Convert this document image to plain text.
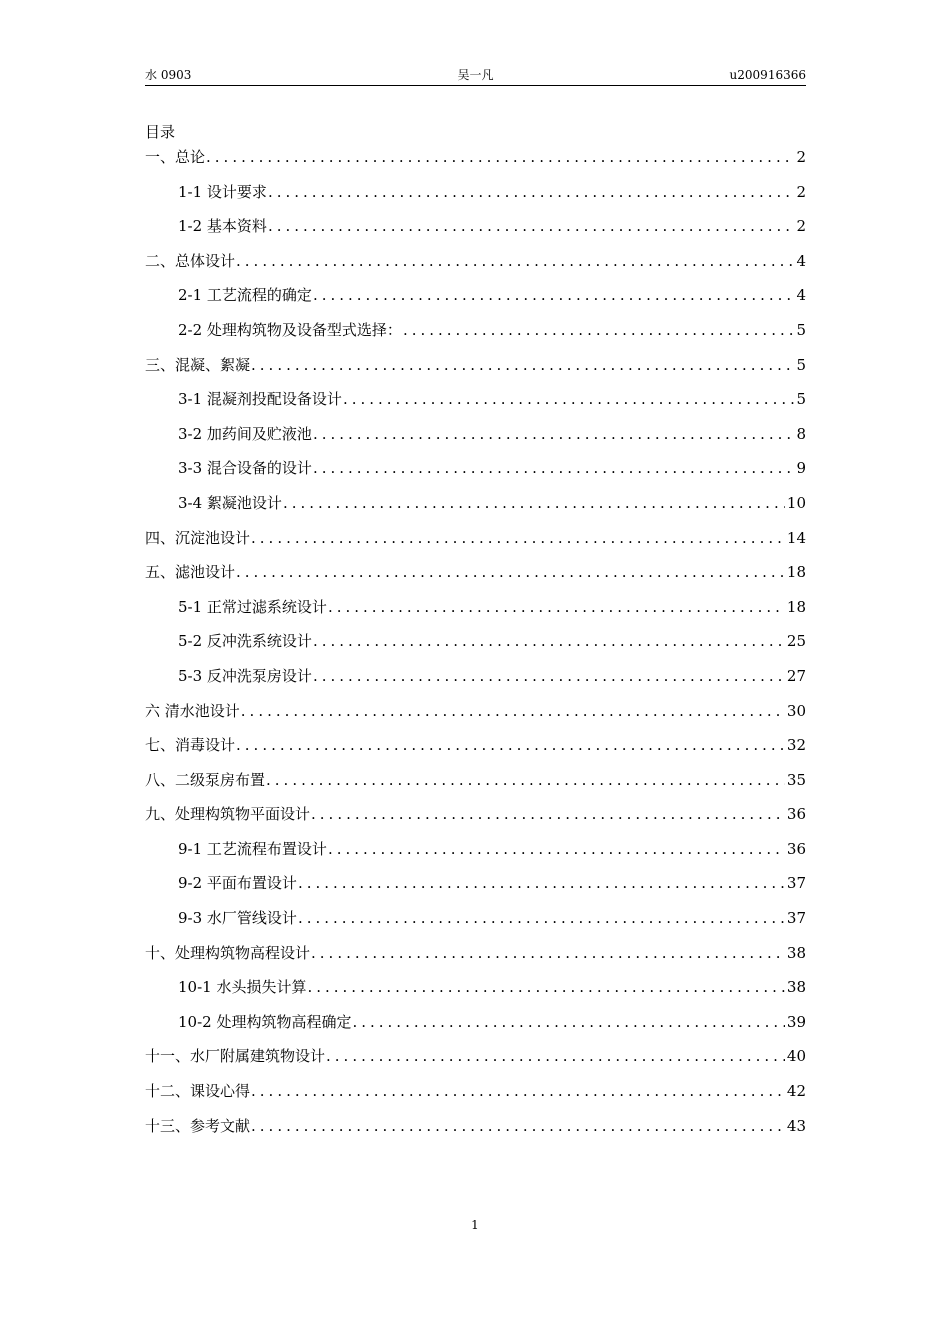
水 0903	吴一凡	u200916366
目录
一、总论 .....	2
1-1 设计要求 .....	2
1-2 基本资料 .....	2
二、总体设计 .....	4
2-1 工艺流程的确定 .....	4
2-2 处理构筑物及设备型式选择： .....	5
三、混凝、絮凝 .....	5
3-1 混凝剂投配设备设计 .....	5
3-2 加药间及贮液池 .....	8
3-3 混合设备的设计 .....	9
3-4 絮凝池设计 .....	10
四、沉淀池设计 .....	14
五、滤池设计 .....	18
5-1 正常过滤系统设计 .....	18
5-2 反冲洗系统设计 .....	25
5-3 反冲洗泵房设计 .....	27
六 清水池设计 .....	30
七、消毒设计 .....	32
八、二级泵房布置 .....	35
九、处理构筑物平面设计 .....	36
9-1 工艺流程布置设计 .....	36
9-2 平面布置设计 .....	37
9-3 水厂管线设计 .....	37
十、处理构筑物高程设计 .....	38
10-1 水头损失计算 .....	38
10-2 处理构筑物高程确定 .....	39
十一、水厂附属建筑物设计 .....	40
十二、课设心得 .....	42
十三、参考文献 .....	43
1
